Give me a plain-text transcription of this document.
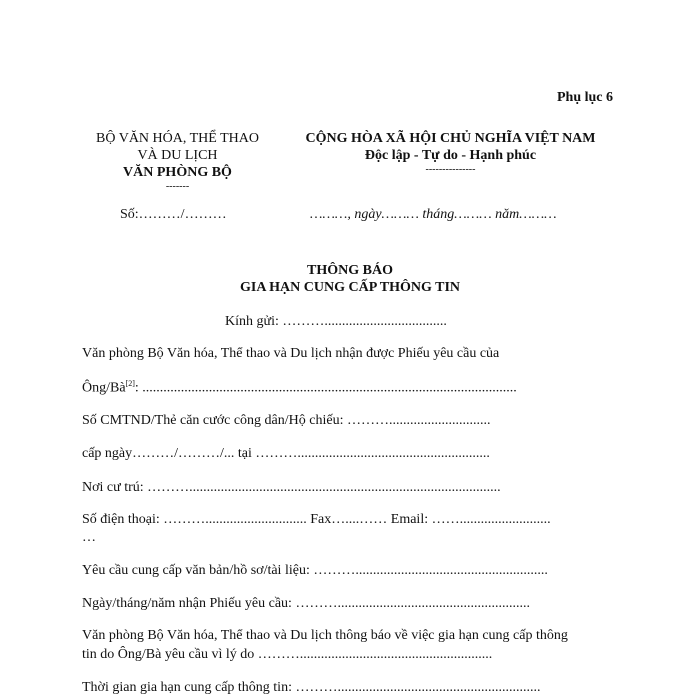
Phụ lục 6
BỘ VĂN HÓA, THỂ THAO
VÀ DU LỊCH
VĂN PHÒNG BỘ
-------
Số:………/………
CỘNG HÒA XÃ HỘI CHỦ NGHĨA VIỆT NAM
Độc lập - Tự do - Hạnh phúc
---------------
………, ngày……… tháng……… năm………
THÔNG BÁO
GIA HẠN CUNG CẤP THÔNG TIN
Kính gửi: ………...................................
Văn phòng Bộ Văn hóa, Thể thao và Du lịch nhận được Phiếu yêu cầu của
Ông/Bà[2]: ...........................................................................................................
Số CMTND/Thẻ căn cước công dân/Hộ chiếu: ……….............................
cấp ngày………/………/... tại ……….......................................................
Nơi cư trú: ……….........................................................................................
Số điện thoại: ………............................. Fax…....…… Email: ……..........................
…
Yêu cầu cung cấp văn bản/hồ sơ/tài liệu: ……….......................................................
Ngày/tháng/năm nhận Phiếu yêu cầu: ……….......................................................
Văn phòng Bộ Văn hóa, Thể thao và Du lịch thông báo về việc gia hạn cung cấp thông
tin do Ông/Bà yêu cầu vì lý do ……….......................................................
Thời gian gia hạn cung cấp thông tin: ………..........................................................
